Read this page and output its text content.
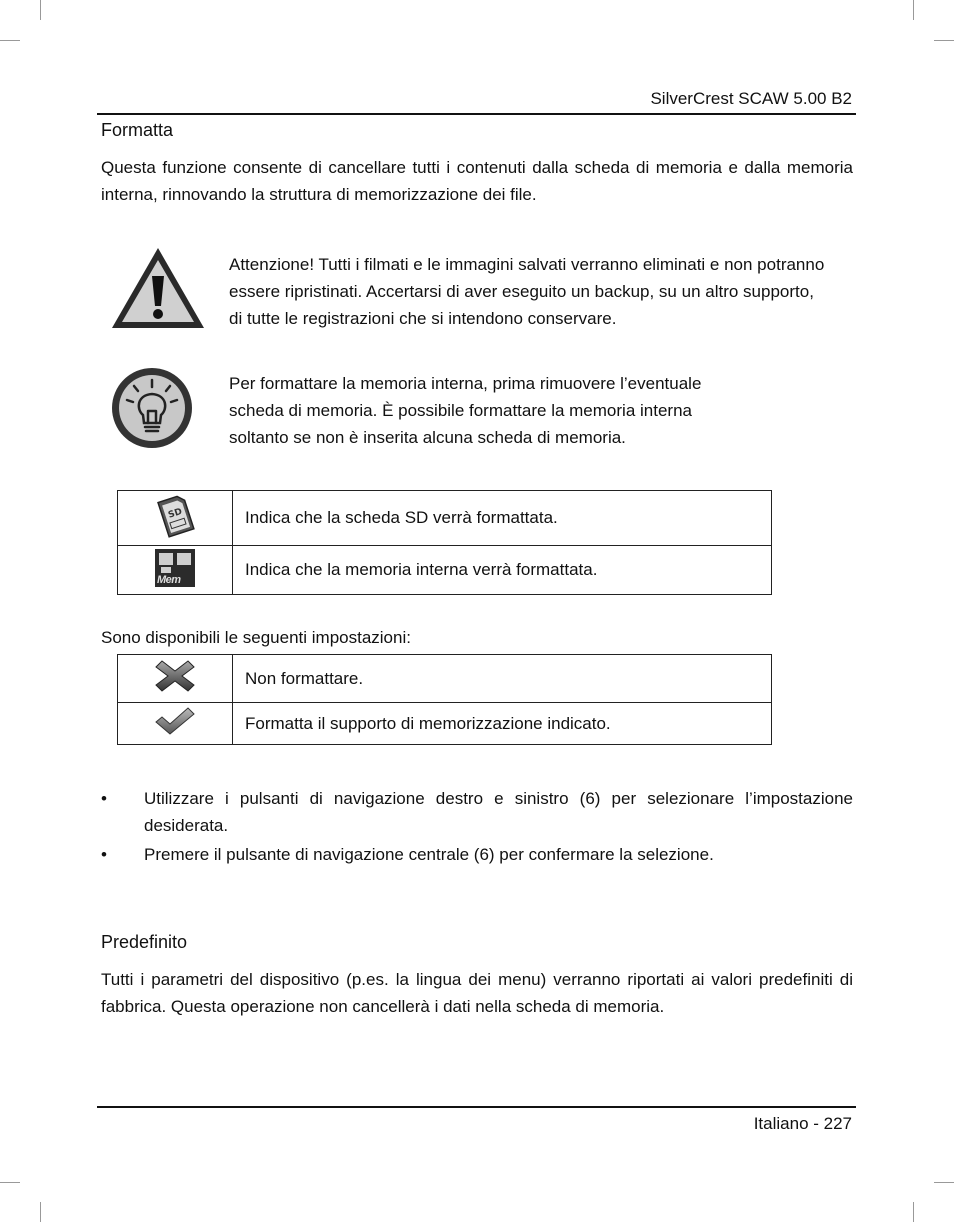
SilverCrest SCAW 5.00 B2
Formatta
Questa funzione consente di cancellare tutti i contenuti dalla scheda di memoria e dalla memoria interna, rinnovando la struttura di memorizzazione dei file.
Attenzione! Tutti i filmati e le immagini salvati verranno eliminati e non potranno essere ripristinati. Accertarsi di aver eseguito un backup, su un altro supporto, di tutte le registrazioni che si intendono conservare.
Per formattare la memoria interna, prima rimuovere l’eventuale scheda di memoria. È possibile formattare la memoria interna soltanto se non è inserita alcuna scheda di memoria.
SD	Indica che la scheda SD verrà formattata.

Mem	Indica che la memoria interna verrà formattata.
Sono disponibili le seguenti impostazioni:
	Non formattare.
	Formatta il supporto di memorizzazione indicato.
• Utilizzare i pulsanti di navigazione destro e sinistro (6) per selezionare l’impostazione desiderata.
• Premere il pulsante di navigazione centrale (6) per confermare la selezione.
Predefinito
Tutti i parametri del dispositivo (p.es. la lingua dei menu) verranno riportati ai valori predefiniti di fabbrica. Questa operazione non cancellerà i dati nella scheda di memoria.
Italiano - 227
